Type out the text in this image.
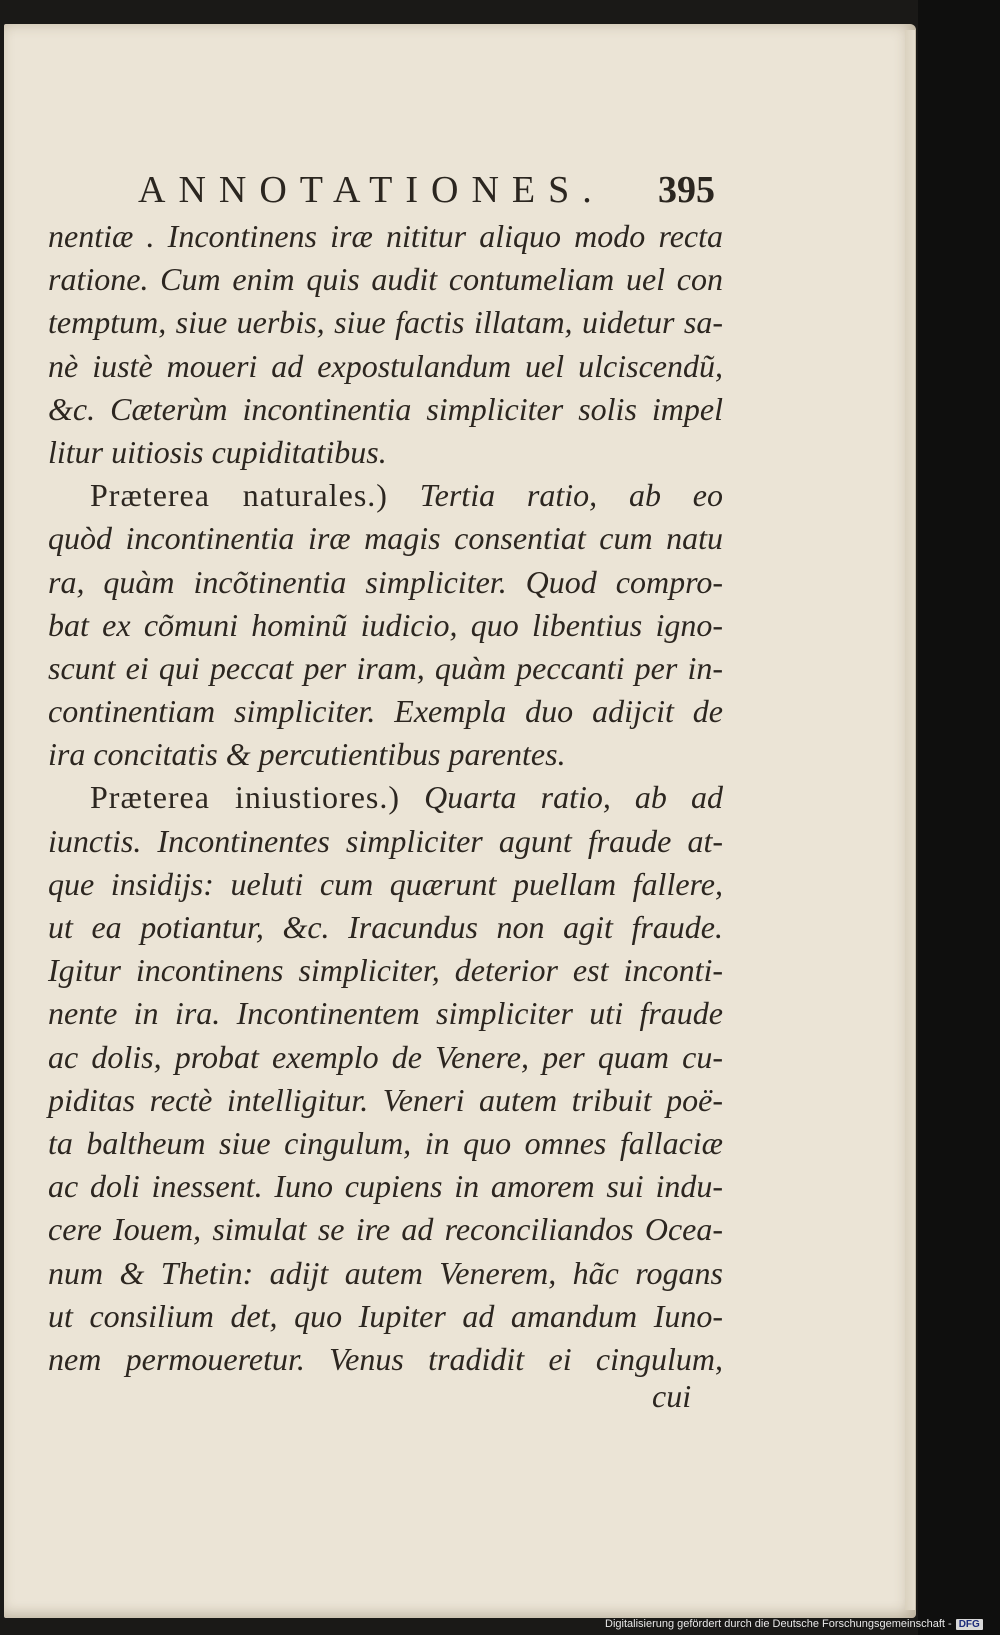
ANNOTATIONES. 395
nentiæ . Incontinens iræ nititur aliquo modo recta
ratione. Cum enim quis audit contumeliam uel con
temptum, siue uerbis, siue factis illatam, uidetur sa-
nè iustè moueri ad expostulandum uel ulciscendũ,
&c. Cæterùm incontinentia simpliciter solis impel
litur uitiosis cupiditatibus.
Præterea naturales.) Tertia ratio, ab eo
quòd incontinentia iræ magis consentiat cum natu
ra, quàm incõtinentia simpliciter. Quod compro-
bat ex cõmuni hominũ iudicio, quo libentius igno-
scunt ei qui peccat per iram, quàm peccanti per in-
continentiam simpliciter. Exempla duo adijcit de
ira concitatis & percutientibus parentes.
Præterea iniustiores.) Quarta ratio, ab ad
iunctis. Incontinentes simpliciter agunt fraude at-
que insidijs: ueluti cum quærunt puellam fallere,
ut ea potiantur, &c. Iracundus non agit fraude.
Igitur incontinens simpliciter, deterior est inconti-
nente in ira. Incontinentem simpliciter uti fraude
ac dolis, probat exemplo de Venere, per quam cu-
piditas rectè intelligitur. Veneri autem tribuit poë-
ta baltheum siue cingulum, in quo omnes fallaciæ
ac doli inessent. Iuno cupiens in amorem sui indu-
cere Iouem, simulat se ire ad reconciliandos Ocea-
num & Thetin: adijt autem Venerem, hãc rogans
ut consilium det, quo Iupiter ad amandum Iuno-
nem permoueretur. Venus tradidit ei cingulum,
cui
Digitalisierung gefördert durch die Deutsche Forschungsgemeinschaft - DFG
